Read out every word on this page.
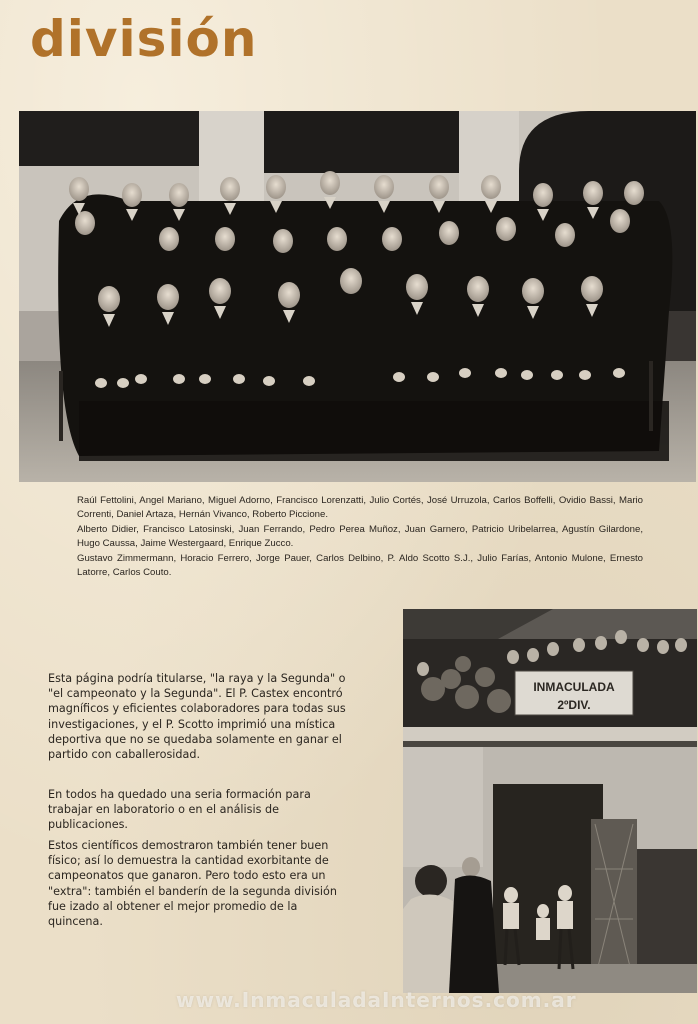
división

Raúl Fettolini, Angel Mariano, Miguel Adorno, Francisco Lorenzatti, Julio Cortés, José Urruzola, Carlos Boffelli, Ovidio Bassi, Mario Correnti, Daniel Artaza, Hernán Vivanco, Roberto Piccione.

Alberto Didier, Francisco Latosinski, Juan Ferrando, Pedro Perea Muñoz, Juan Garnero, Patricio Uribelarrea, Agustín Gilardone, Hugo Caussa, Jaime Westergaard, Enrique Zucco.

Gustavo Zimmermann, Horacio Ferrero, Jorge Pauer, Carlos Delbino, P. Aldo Scotto S.J., Julio Farías, Antonio Mulone, Ernesto Latorre, Carlos Couto.

INMACULADA
2ºDIV.

Esta página podría titularse, "la raya y la Segunda" o "el campeonato y la Segunda". El P. Castex encontró magníficos y eficientes colaboradores para todas sus investigaciones, y el P. Scotto imprimió una mística deportiva que no se quedaba solamente en ganar el partido con caballerosidad.

En todos ha quedado una seria formación para trabajar en laboratorio o en el análisis de publicaciones.

Estos científicos demostraron también tener buen físico; así lo demuestra la cantidad exorbitante de campeonatos que ganaron. Pero todo esto era un "extra": también el banderín de la segunda división fue izado al obtener el mejor promedio de la quincena.

www.InmaculadaInternos.com.ar
